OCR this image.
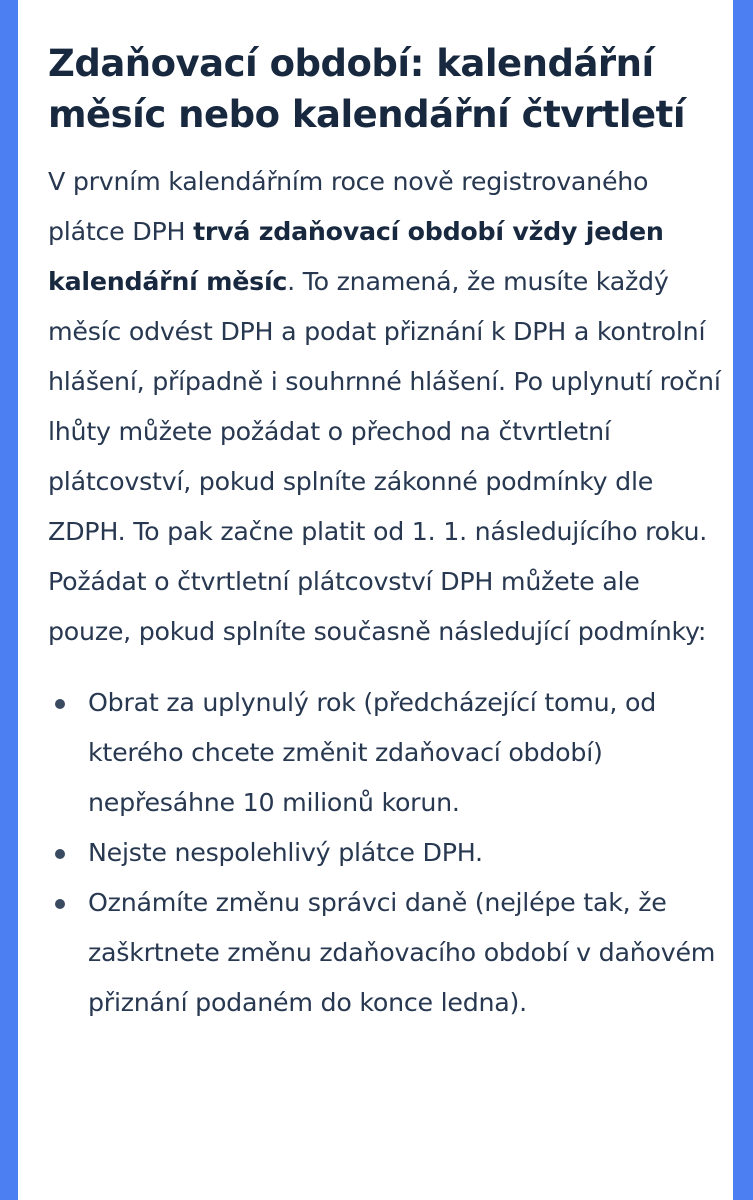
Zdaňovací období: kalendářní měsíc nebo kalendářní čtvrtletí

V prvním kalendářním roce nově registrovaného plátce DPH trvá zdaňovací období vždy jeden kalendářní měsíc. To znamená, že musíte každý měsíc odvést DPH a podat přiznání k DPH a kontrolní hlášení, případně i souhrnné hlášení. Po uplynutí roční lhůty můžete požádat o přechod na čtvrtletní plátcovství, pokud splníte zákonné podmínky dle ZDPH. To pak začne platit od 1. 1. následujícího roku. Požádat o čtvrtletní plátcovství DPH můžete ale pouze, pokud splníte současně následující podmínky:

Obrat za uplynulý rok (předcházející tomu, od kterého chcete změnit zdaňovací období) nepřesáhne 10 milionů korun.
Nejste nespolehlivý plátce DPH.
Oznámíte změnu správci daně (nejlépe tak, že zaškrtnete změnu zdaňovacího období v daňovém přiznání podaném do konce ledna).
